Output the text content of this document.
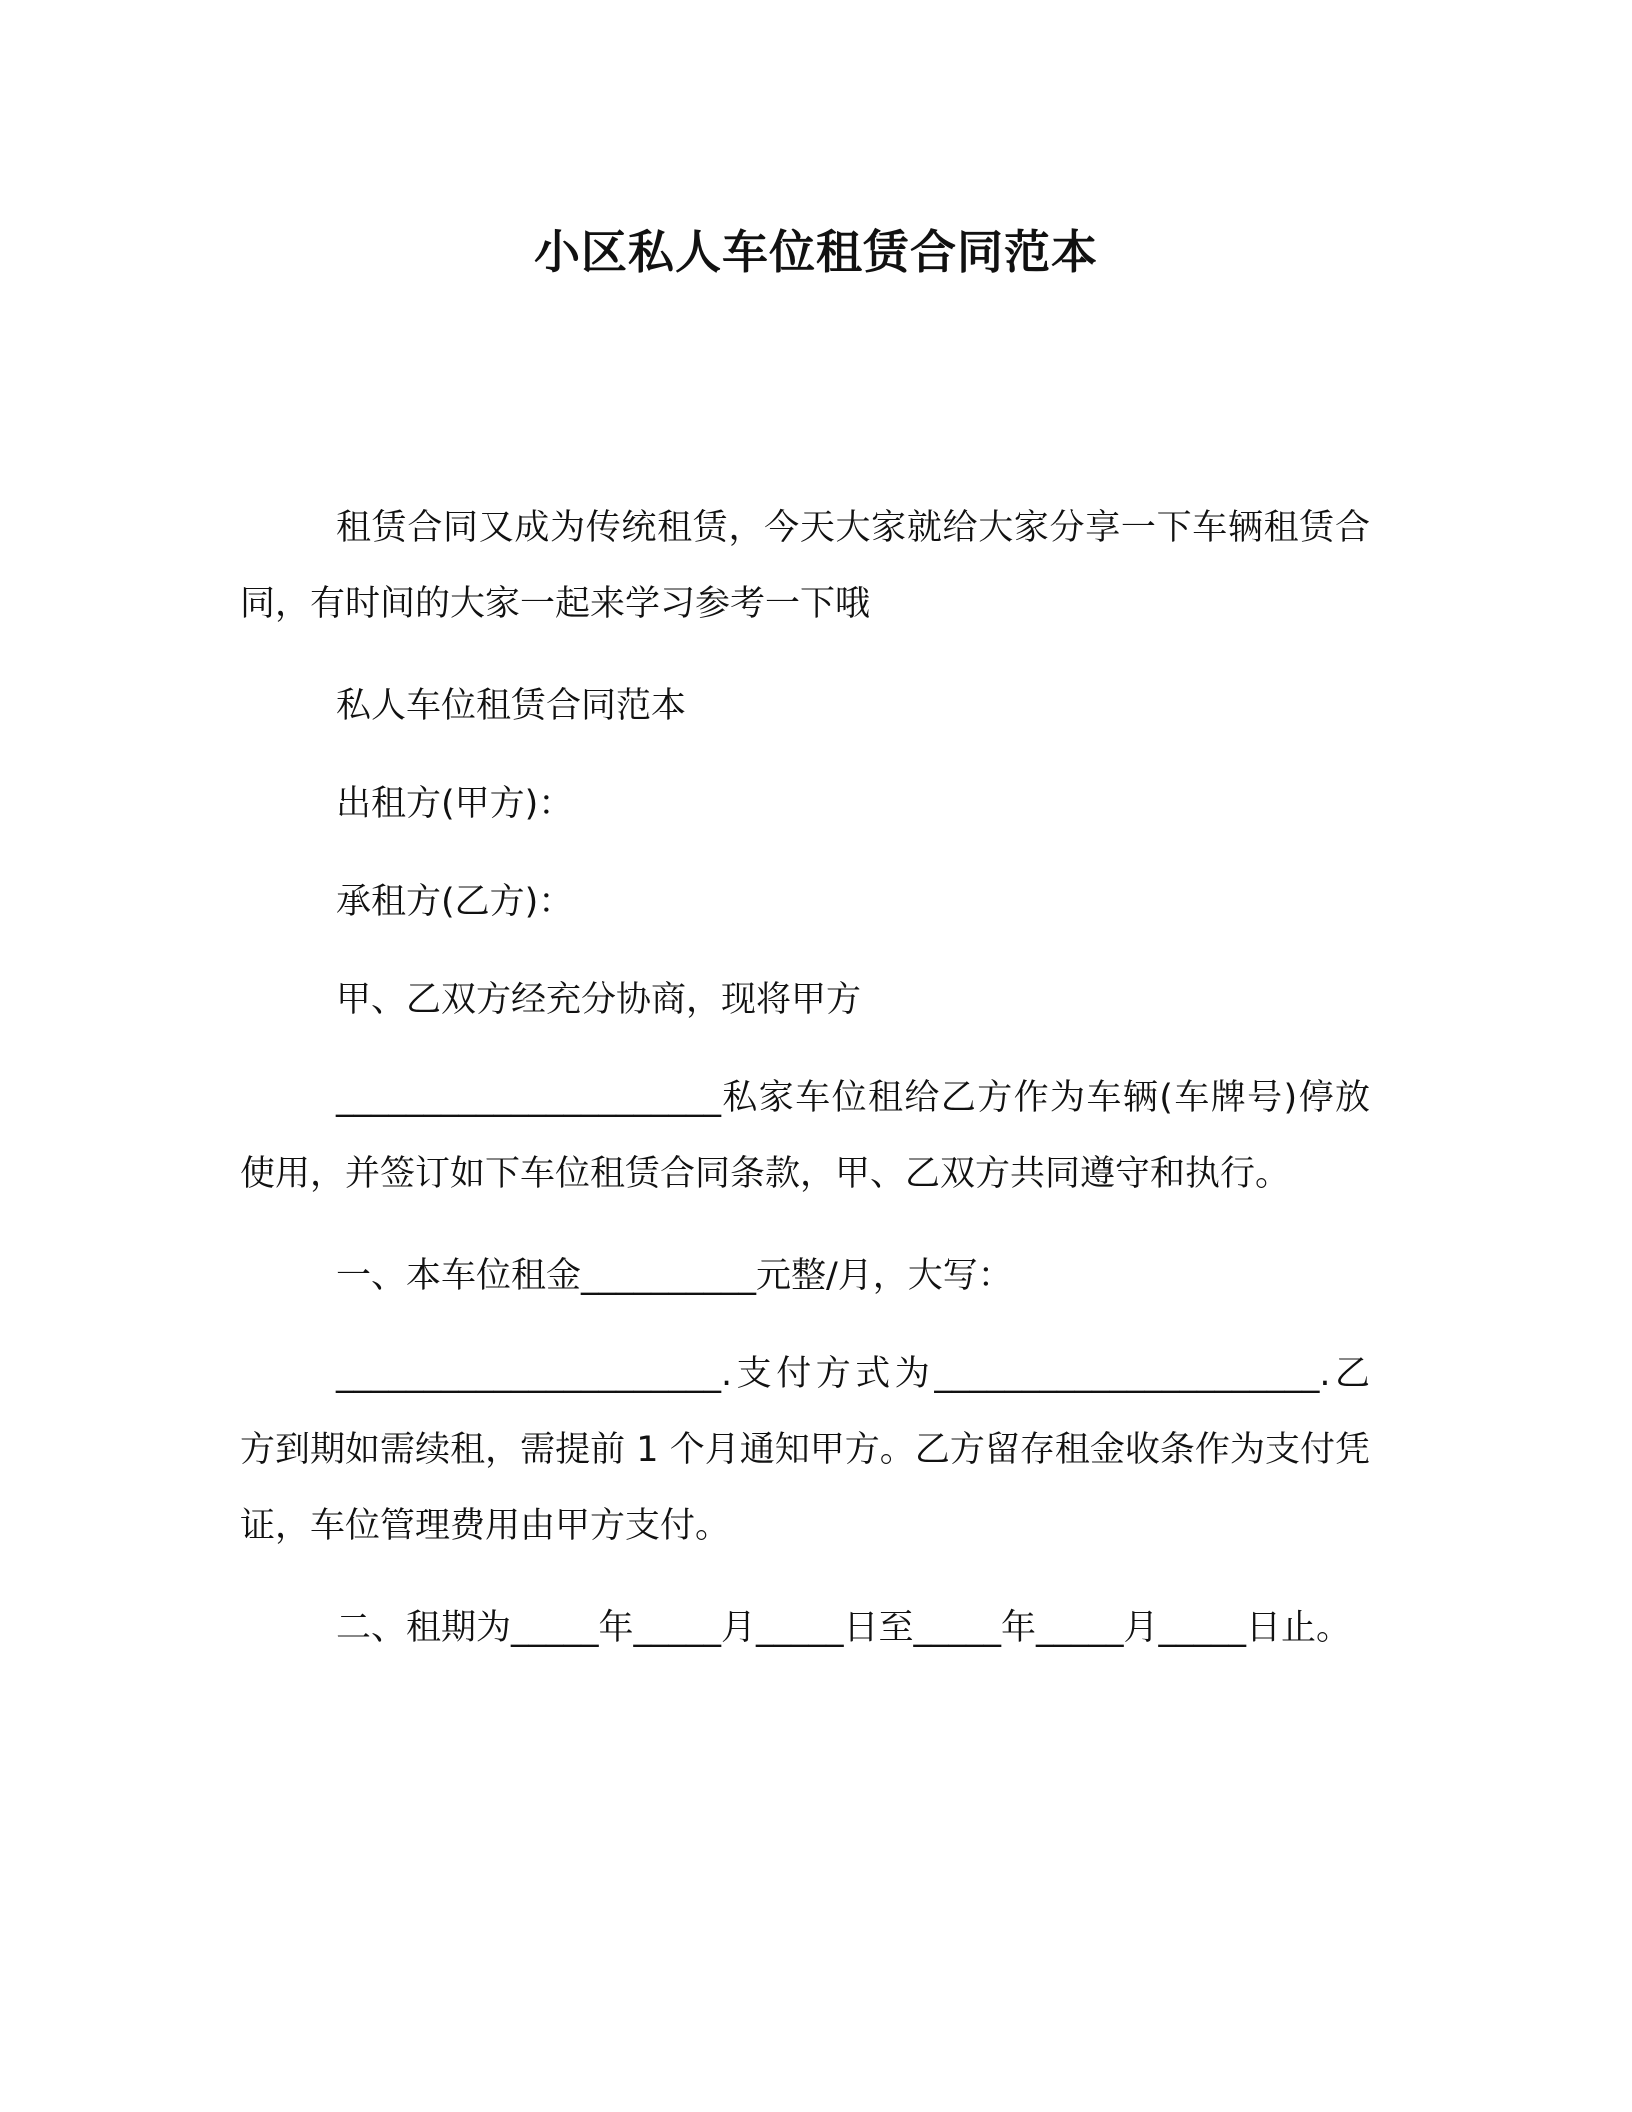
小区私人车位租赁合同范本

租赁合同又成为传统租赁，今天大家就给大家分享一下车辆租赁合同，有时间的大家一起来学习参考一下哦

私人车位租赁合同范本

出租方(甲方)：

承租方(乙方)：

甲、乙双方经充分协商，现将甲方

______________________私家车位租给乙方作为车辆(车牌号)停放使用，并签订如下车位租赁合同条款，甲、乙双方共同遵守和执行。

一、本车位租金__________元整/月，大写：

______________________.支付方式为______________________.乙方到期如需续租，需提前 1 个月通知甲方。乙方留存租金收条作为支付凭证，车位管理费用由甲方支付。

二、租期为_____年_____月_____日至_____年_____月_____日止。
